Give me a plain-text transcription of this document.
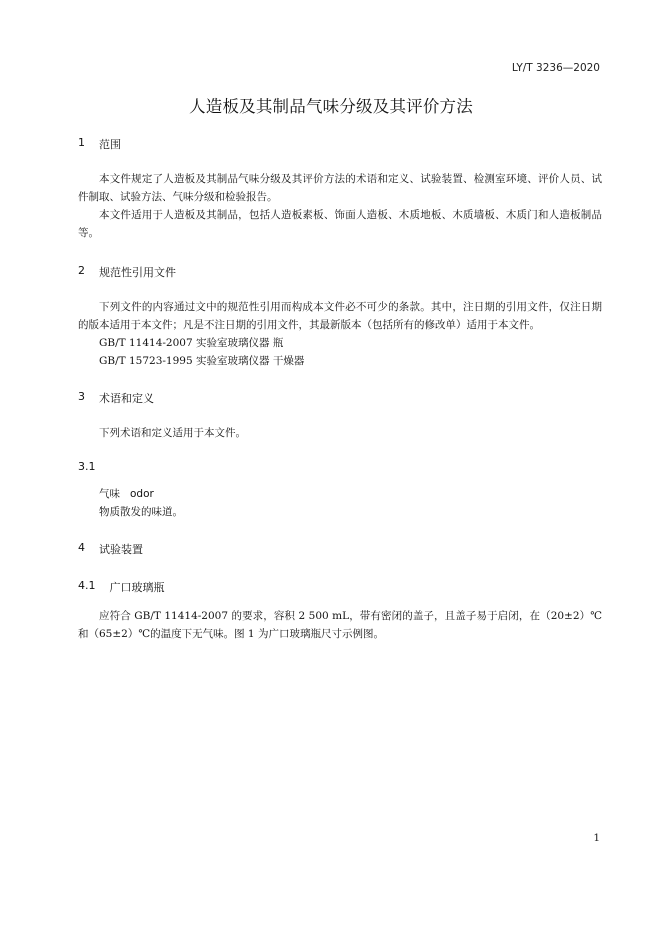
LY/T 3236—2020
人造板及其制品气味分级及其评价方法
1 范围

本文件规定了人造板及其制品气味分级及其评价方法的术语和定义、试验装置、检测室环境、评价人员、试件制取、试验方法、气味分级和检验报告。

本文件适用于人造板及其制品，包括人造板素板、饰面人造板、木质地板、木质墙板、木质门和人造板制品等。

2 规范性引用文件

下列文件的内容通过文中的规范性引用而构成本文件必不可少的条款。其中，注日期的引用文件，仅注日期的版本适用于本文件；凡是不注日期的引用文件，其最新版本（包括所有的修改单）适用于本文件。

GB/T 11414-2007 实验室玻璃仪器 瓶

GB/T 15723-1995 实验室玻璃仪器 干燥器

3 术语和定义

下列术语和定义适用于本文件。

3.1

气味 odor

物质散发的味道。

4 试验装置
4.1 广口玻璃瓶

应符合 GB/T 11414-2007 的要求，容积 2 500 mL，带有密闭的盖子，且盖子易于启闭，在（20±2）℃和（65±2）℃的温度下无气味。图 1 为广口玻璃瓶尺寸示例图。

1
